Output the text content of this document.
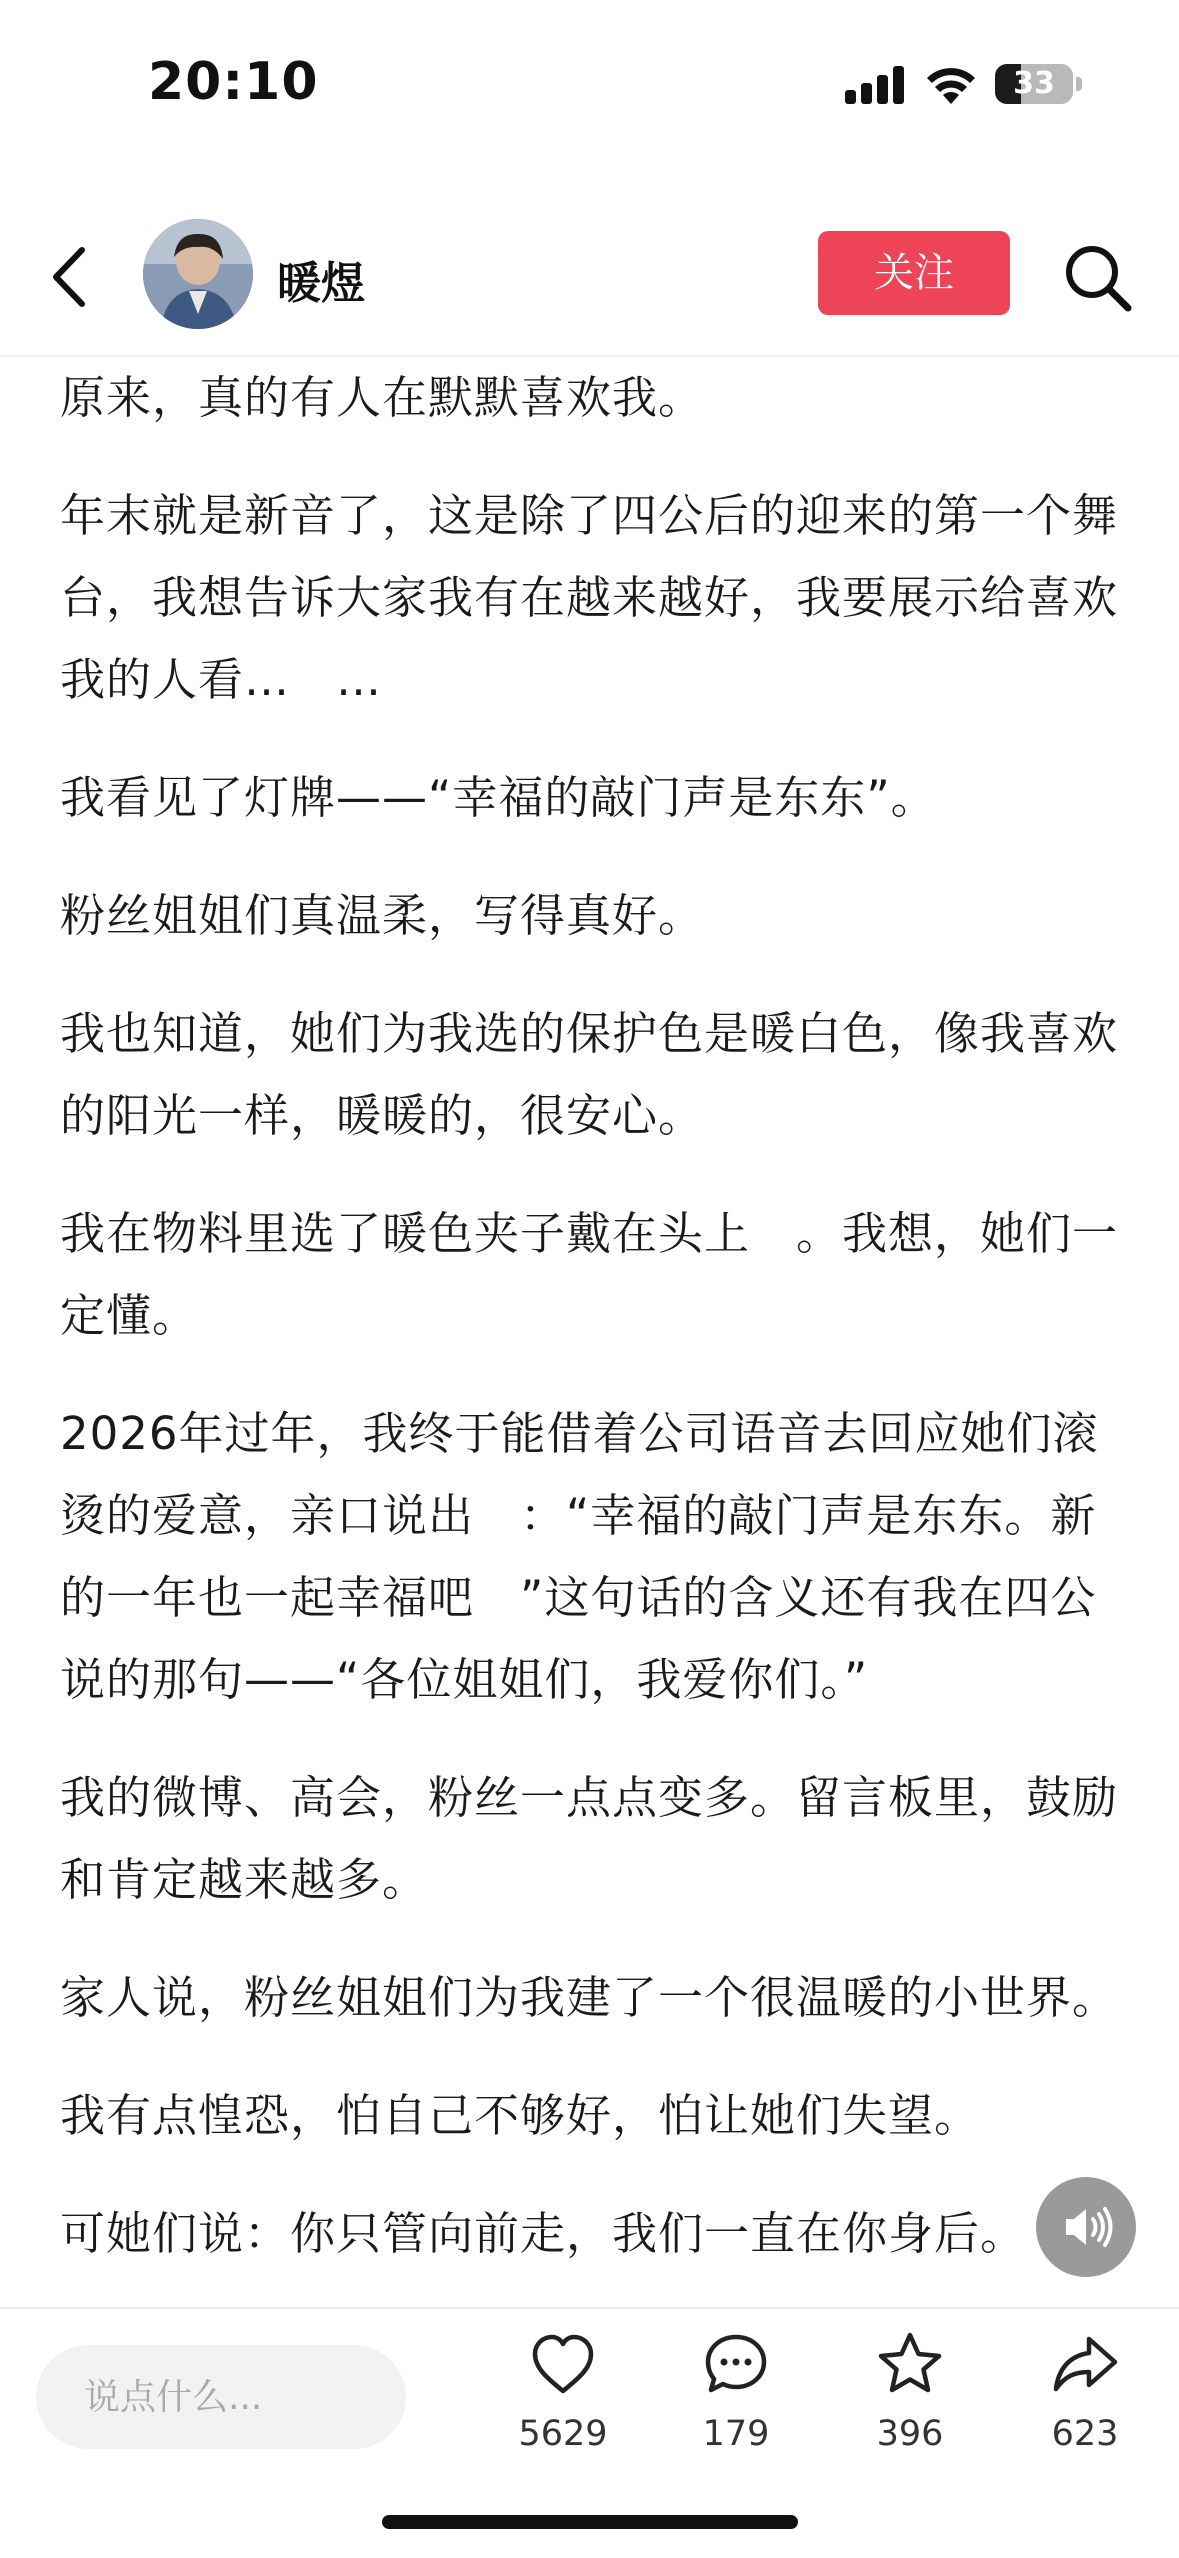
20:10	33
暖煜	关注

原来，真的有人在默默喜欢我。

年末就是新音了，这是除了四公后的迎来的第一个舞台，我想告诉大家我有在越来越好，我要展示给喜欢我的人看…　…

我看见了灯牌——“幸福的敲门声是东东”。

粉丝姐姐们真温柔，写得真好。

我也知道，她们为我选的保护色是暖白色，像我喜欢的阳光一样，暖暖的，很安心。

我在物料里选了暖色夹子戴在头上　。我想，她们一定懂。

2026年过年，我终于能借着公司语音去回应她们滚烫的爱意，亲口说出　：“幸福的敲门声是东东。新的一年也一起幸福吧　”这句话的含义还有我在四公说的那句——“各位姐姐们，我爱你们。”

我的微博、高会，粉丝一点点变多。留言板里，鼓励和肯定越来越多。

家人说，粉丝姐姐们为我建了一个很温暖的小世界。

我有点惶恐，怕自己不够好，怕让她们失望。

可她们说：你只管向前走，我们一直在你身后。

说点什么...
5629	179	396	623
